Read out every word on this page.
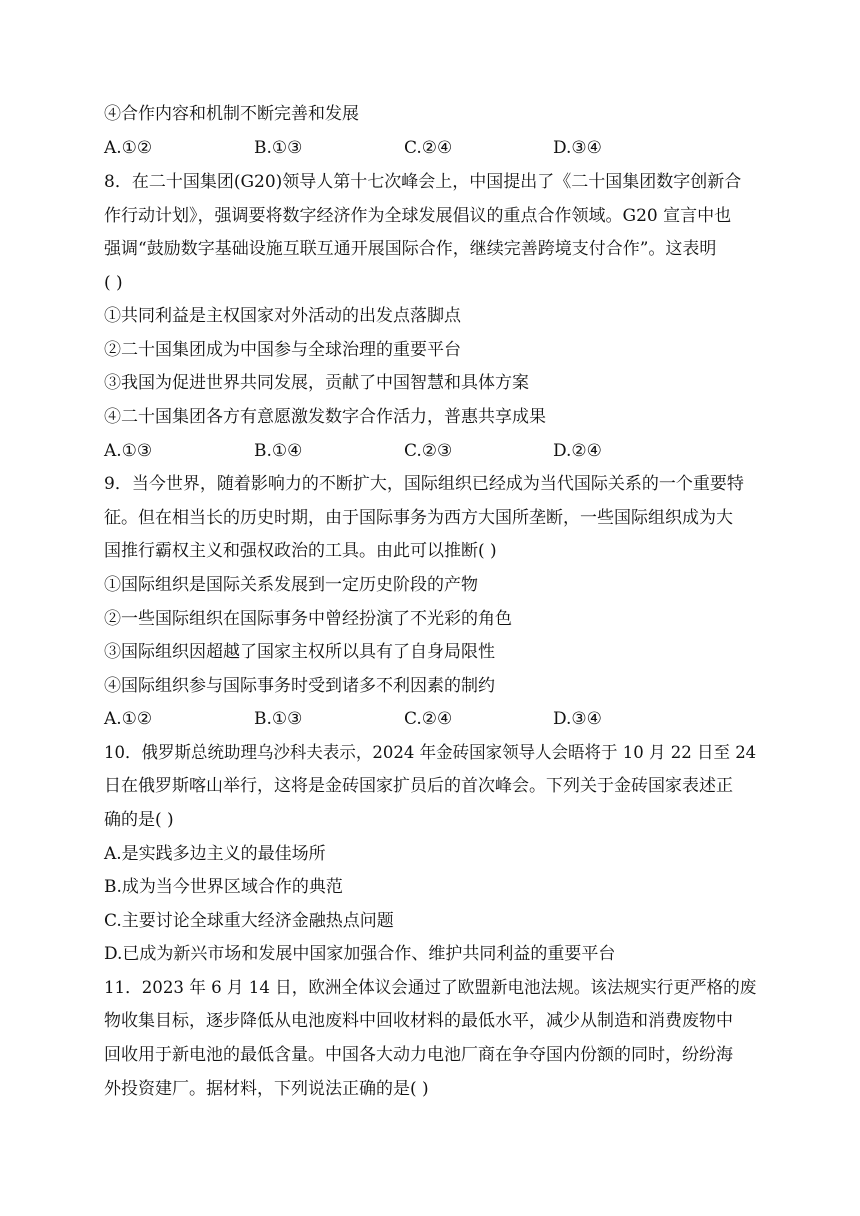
④合作内容和机制不断完善和发展
A.①②	B.①③	C.②④	D.③④
8．在二十国集团(G20)领导人第十七次峰会上，中国提出了《二十国集团数字创新合
作行动计划》，强调要将数字经济作为全球发展倡议的重点合作领域。G20 宣言中也
强调“鼓励数字基础设施互联互通开展国际合作，继续完善跨境支付合作”。这表明
( )
①共同利益是主权国家对外活动的出发点落脚点
②二十国集团成为中国参与全球治理的重要平台
③我国为促进世界共同发展，贡献了中国智慧和具体方案
④二十国集团各方有意愿激发数字合作活力，普惠共享成果
A.①③	B.①④	C.②③	D.②④
9．当今世界，随着影响力的不断扩大，国际组织已经成为当代国际关系的一个重要特
征。但在相当长的历史时期，由于国际事务为西方大国所垄断，一些国际组织成为大
国推行霸权主义和强权政治的工具。由此可以推断( )
①国际组织是国际关系发展到一定历史阶段的产物
②一些国际组织在国际事务中曾经扮演了不光彩的角色
③国际组织因超越了国家主权所以具有了自身局限性
④国际组织参与国际事务时受到诸多不利因素的制约
A.①②	B.①③	C.②④	D.③④
10．俄罗斯总统助理乌沙科夫表示，2024 年金砖国家领导人会晤将于 10 月 22 日至 24
日在俄罗斯喀山举行，这将是金砖国家扩员后的首次峰会。下列关于金砖国家表述正
确的是( )
A.是实践多边主义的最佳场所
B.成为当今世界区域合作的典范
C.主要讨论全球重大经济金融热点问题
D.已成为新兴市场和发展中国家加强合作、维护共同利益的重要平台
11．2023 年 6 月 14 日，欧洲全体议会通过了欧盟新电池法规。该法规实行更严格的废
物收集目标，逐步降低从电池废料中回收材料的最低水平，减少从制造和消费废物中
回收用于新电池的最低含量。中国各大动力电池厂商在争夺国内份额的同时，纷纷海
外投资建厂。据材料，下列说法正确的是( )
